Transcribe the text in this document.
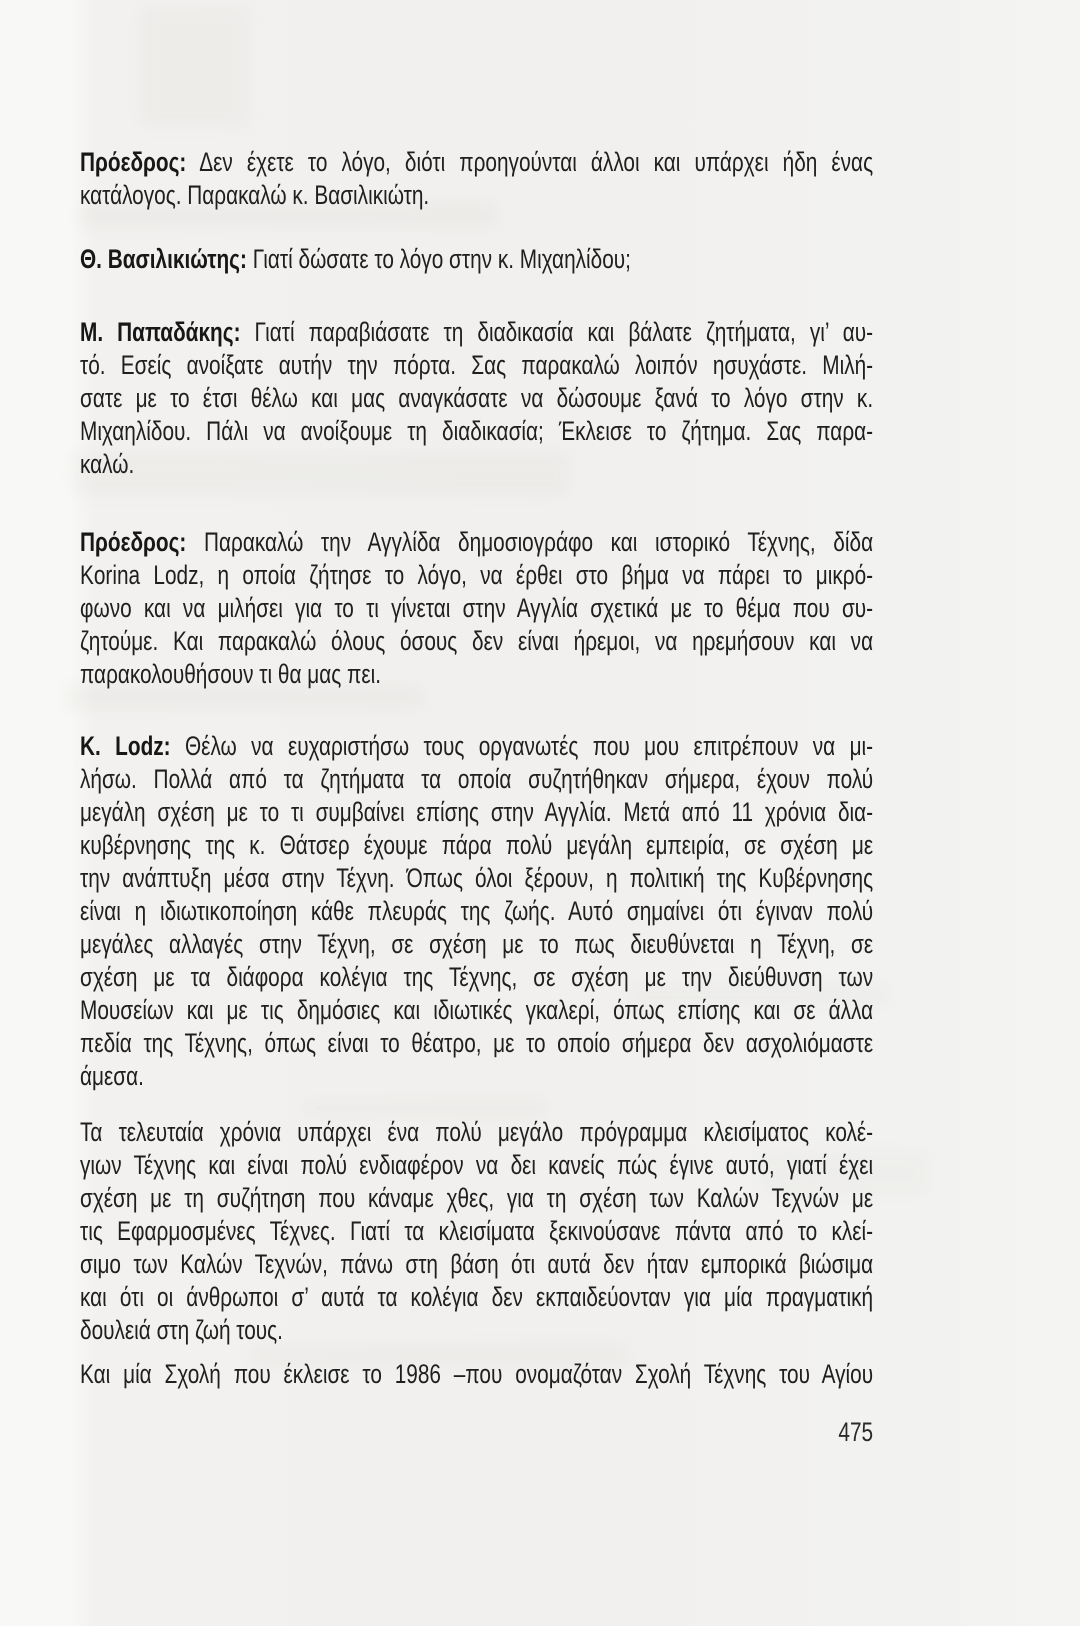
Πρόεδρος: Δεν έχετε το λόγο, διότι προηγούνται άλλοι και υπάρχει ήδη ένας
κατάλογος. Παρακαλώ κ. Βασιλικιώτη.
Θ. Βασιλικιώτης: Γιατί δώσατε το λόγο στην κ. Μιχαηλίδου;
Μ. Παπαδάκης: Γιατί παραβιάσατε τη διαδικασία και βάλατε ζητήματα, γι’ αυ-
τό. Εσείς ανοίξατε αυτήν την πόρτα. Σας παρακαλώ λοιπόν ησυχάστε. Μιλή-
σατε με το έτσι θέλω και μας αναγκάσατε να δώσουμε ξανά το λόγο στην κ.
Μιχαηλίδου. Πάλι να ανοίξουμε τη διαδικασία; Έκλεισε το ζήτημα. Σας παρα-
καλώ.
Πρόεδρος: Παρακαλώ την Αγγλίδα δημοσιογράφο και ιστορικό Τέχνης, δίδα
Korina Lodz, η οποία ζήτησε το λόγο, να έρθει στο βήμα να πάρει το μικρό-
φωνο και να μιλήσει για το τι γίνεται στην Αγγλία σχετικά με το θέμα που συ-
ζητούμε. Και παρακαλώ όλους όσους δεν είναι ήρεμοι, να ηρεμήσουν και να
παρακολουθήσουν τι θα μας πει.
Κ. Lodz: Θέλω να ευχαριστήσω τους οργανωτές που μου επιτρέπουν να μι-
λήσω. Πολλά από τα ζητήματα τα οποία συζητήθηκαν σήμερα, έχουν πολύ
μεγάλη σχέση με το τι συμβαίνει επίσης στην Αγγλία. Μετά από 11 χρόνια δια-
κυβέρνησης της κ. Θάτσερ έχουμε πάρα πολύ μεγάλη εμπειρία, σε σχέση με
την ανάπτυξη μέσα στην Τέχνη. Όπως όλοι ξέρουν, η πολιτική της Κυβέρνησης
είναι η ιδιωτικοποίηση κάθε πλευράς της ζωής. Αυτό σημαίνει ότι έγιναν πολύ
μεγάλες αλλαγές στην Τέχνη, σε σχέση με το πως διευθύνεται η Τέχνη, σε
σχέση με τα διάφορα κολέγια της Τέχνης, σε σχέση με την διεύθυνση των
Μουσείων και με τις δημόσιες και ιδιωτικές γκαλερί, όπως επίσης και σε άλλα
πεδία της Τέχνης, όπως είναι το θέατρο, με το οποίο σήμερα δεν ασχολιόμαστε
άμεσα.
Τα τελευταία χρόνια υπάρχει ένα πολύ μεγάλο πρόγραμμα κλεισίματος κολέ-
γιων Τέχνης και είναι πολύ ενδιαφέρον να δει κανείς πώς έγινε αυτό, γιατί έχει
σχέση με τη συζήτηση που κάναμε χθες, για τη σχέση των Καλών Τεχνών με
τις Εφαρμοσμένες Τέχνες. Γιατί τα κλεισίματα ξεκινούσανε πάντα από το κλεί-
σιμο των Καλών Τεχνών, πάνω στη βάση ότι αυτά δεν ήταν εμπορικά βιώσιμα
και ότι οι άνθρωποι σ’ αυτά τα κολέγια δεν εκπαιδεύονταν για μία πραγματική
δουλειά στη ζωή τους.
Και μία Σχολή που έκλεισε το 1986 –που ονομαζόταν Σχολή Τέχνης του Αγίου
475
